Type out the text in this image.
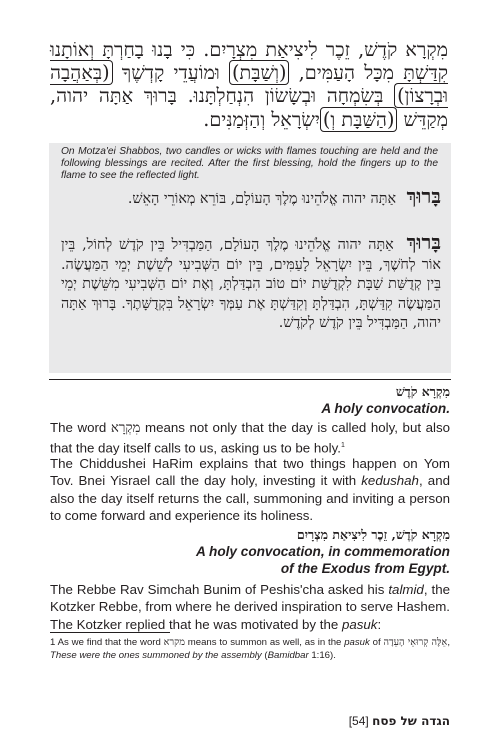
מִקְרָא קֹדֶשׁ, זֵכֶר לִיצִיאַת מִצְרָיִם. כִּי בָנוּ בָחַרְתָּ וְאוֹתָנוּ קִדַּשְׁתָּ מִכָּל הָעַמִּים, (וְשַׁבָּת) וּמוֹעֲדֵי קָדְשֶׁךָ (בְּאַהֲבָה וּבְרָצוֹן) בְּשִׂמְחָה וּבְשָׂשׂוֹן הִנְחַלְתָּנוּ. בָּרוּךְ אַתָּה יהוה, מְקַדֵּשׁ (הַשַּׁבָּת וְ)יִשְׂרָאֵל וְהַזְּמַנִּים.
On Motza'ei Shabbos, two candles or wicks with flames touching are held and the following blessings are recited. After the first blessing, hold the fingers up to the flame to see the reflected light.
בָּרוּךְ אַתָּה יהוה אֱלֹהֵינוּ מֶלֶךְ הָעוֹלָם, בּוֹרֵא מְאוֹרֵי הָאֵשׁ.
בָּרוּךְ אַתָּה יהוה אֱלֹהֵינוּ מֶלֶךְ הָעוֹלָם, הַמַּבְדִּיל בֵּין קֹדֶשׁ לְחוֹל, בֵּין אוֹר לְחֹשֶׁךְ, בֵּין יִשְׂרָאֵל לָעַמִּים, בֵּין יוֹם הַשְּׁבִיעִי לְשֵׁשֶׁת יְמֵי הַמַּעֲשֶׂה. בֵּין קְדֻשַּׁת שַׁבָּת לִקְדֻשַּׁת יוֹם טוֹב הִבְדַּלְתָּ, וְאֶת יוֹם הַשְּׁבִיעִי מִשֵּׁשֶׁת יְמֵי הַמַּעֲשֶׂה קִדַּשְׁתָּ, הִבְדַּלְתָּ וְקִדַּשְׁתָּ אֶת עַמְּךָ יִשְׂרָאֵל בִּקְדֻשָּׁתֶךָ. בָּרוּךְ אַתָּה יהוה, הַמַּבְדִּיל בֵּין קֹדֶשׁ לְקֹדֶשׁ.
מִקְרָא קֹדֶשׁ
A holy convocation.
The word מִקְרָא means not only that the day is called holy, but also that the day itself calls to us, asking us to be holy.$^1$
The Chiddushei HaRim explains that two things happen on Yom Tov. Bnei Yisrael call the day holy, investing it with kedushah, and also the day itself returns the call, summoning and inviting a person to come forward and experience its holiness.
מִקְרָא קֹדֶשׁ, זֵכֶר לִיצִיאַת מִצְרָיִם
A holy convocation, in commemoration
of the Exodus from Egypt.
The Rebbe Rav Simchah Bunim of Peshis'cha asked his talmid, the Kotzker Rebbe, from where he derived inspiration to serve Hashem. The Kotzker replied that he was motivated by the pasuk:
1 As we find that the word מקרא means to summon as well, as in the pasuk of אֵלֶּה קְרוּאֵי הָעֵדָה, These were the ones summoned by the assembly (Bamidbar 1:16).
הגדה של פסח [54]
